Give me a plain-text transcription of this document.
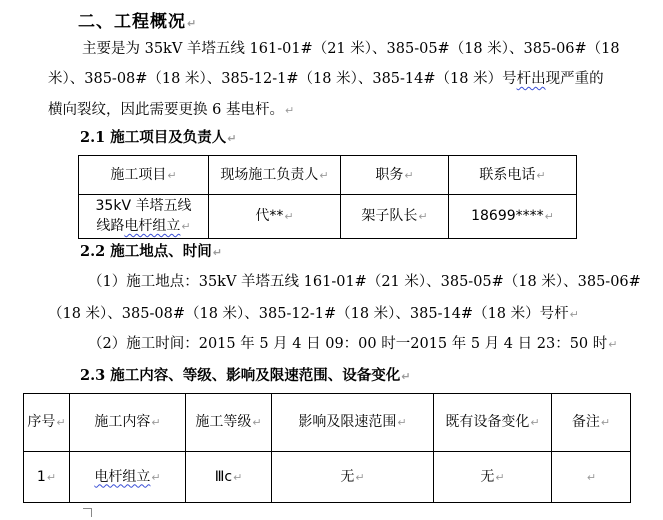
二、工程概况↵
主要是为 35kV 羊塔五线 161-01#（21 米）、385-05#（18 米）、385-06#（18
米）、385-08#（18 米）、385-12-1#（18 米）、385-14#（18 米）号杆出现严重的
横向裂纹，因此需要更换 6 基电杆。↵
2.1 施工项目及负责人↵
施工项目↵	现场施工负责人↵	职务↵	联系电话↵

35kV 羊塔五线
线路电杆组立↵	代**↵	架子队长↵	18699****↵
2.2 施工地点、时间↵
（1）施工地点：35kV 羊塔五线 161-01#（21 米）、385-05#（18 米）、385-06#
（18 米）、385-08#（18 米）、385-12-1#（18 米）、385-14#（18 米）号杆↵
（2）施工时间：2015 年 5 月 4 日 09：00 时一2015 年 5 月 4 日 23：50 时↵
2.3 施工内容、等级、影响及限速范围、设备变化↵
序号↵	施工内容↵	施工等级↵	影响及限速范围↵	既有设备变化↵	备注↵
1↵	电杆组立↵	Ⅲc↵	无↵	无↵	↵
